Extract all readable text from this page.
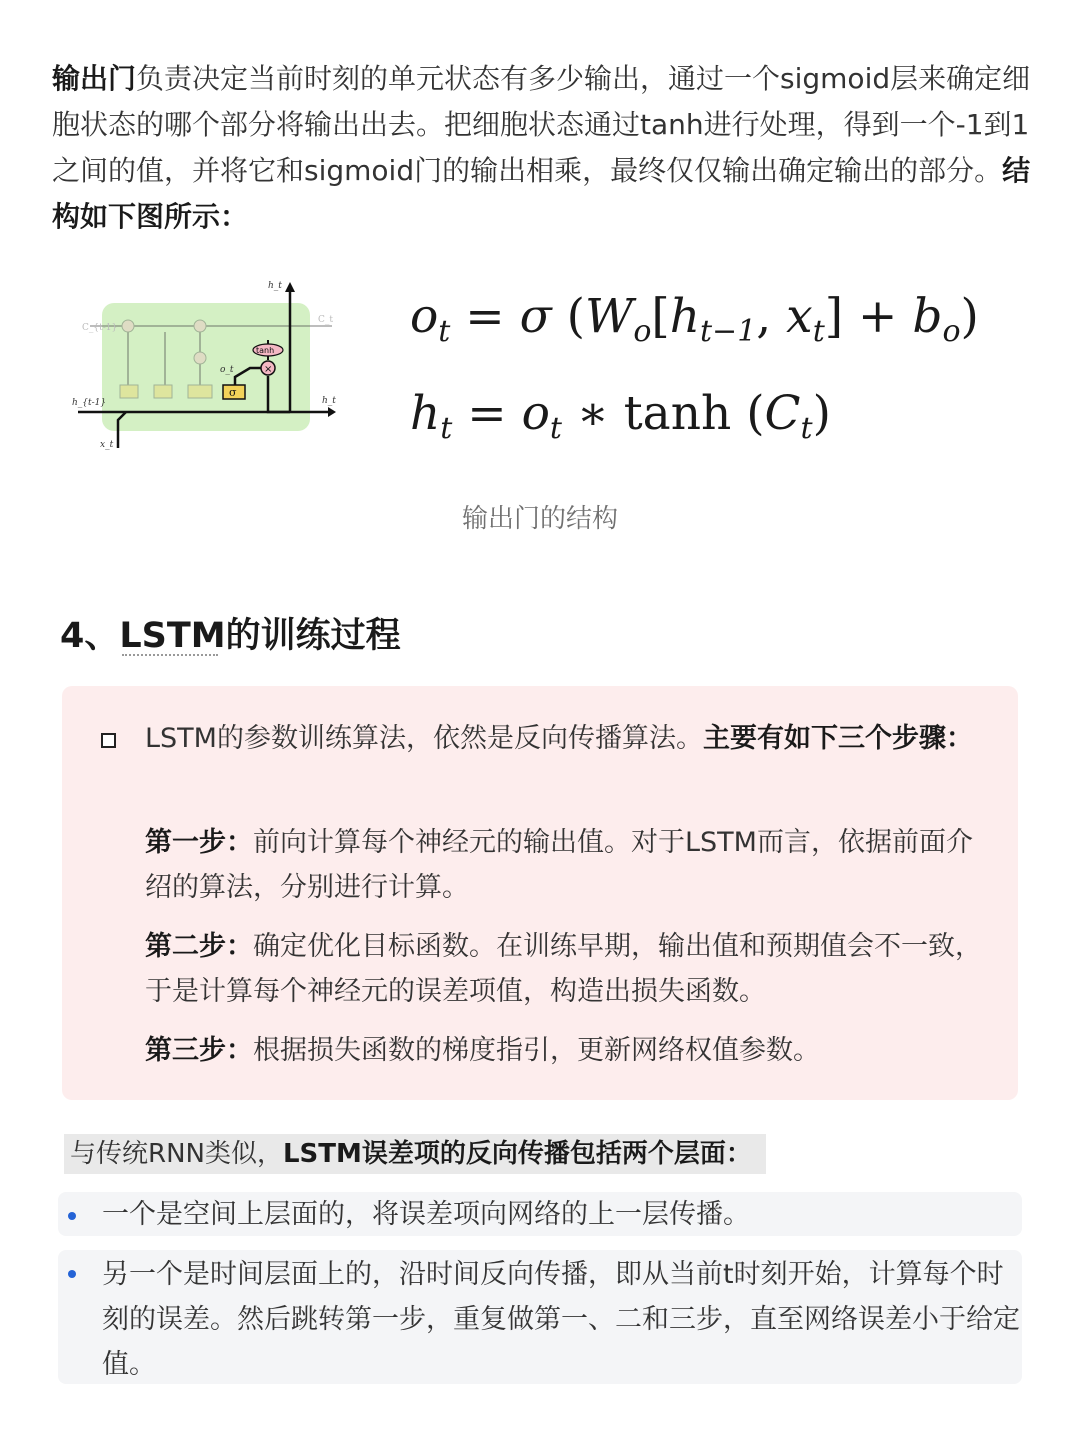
输出门负责决定当前时刻的单元状态有多少输出，通过一个sigmoid层来确定细胞状态的哪个部分将输出出去。把细胞状态通过tanh进行处理，得到一个-1到1之间的值，并将它和sigmoid门的输出相乘，最终仅仅输出确定输出的部分。结构如下图所示：
C_{t-1}
C_t
σ
×
tanh
o_t
h_t
h_{t-1}	h_t
x_t
$o_t = \sigma$ ($W_o[h_{t-1}$, $x_t] + b_o$)
$h_t = o_t$ ∗ $\tanh (C_t)$
输出门的结构
4、LSTM的训练过程
LSTM的参数训练算法，依然是反向传播算法。主要有如下三个步骤：
第一步：前向计算每个神经元的输出值。对于LSTM而言，依据前面介绍的算法，分别进行计算。
第二步：确定优化目标函数。在训练早期，输出值和预期值会不一致，于是计算每个神经元的误差项值，构造出损失函数。
第三步：根据损失函数的梯度指引，更新网络权值参数。
与传统RNN类似，LSTM误差项的反向传播包括两个层面：
一个是空间上层面的，将误差项向网络的上一层传播。
另一个是时间层面上的，沿时间反向传播，即从当前t时刻开始，计算每个时刻的误差。然后跳转第一步，重复做第一、二和三步，直至网络误差小于给定值。
